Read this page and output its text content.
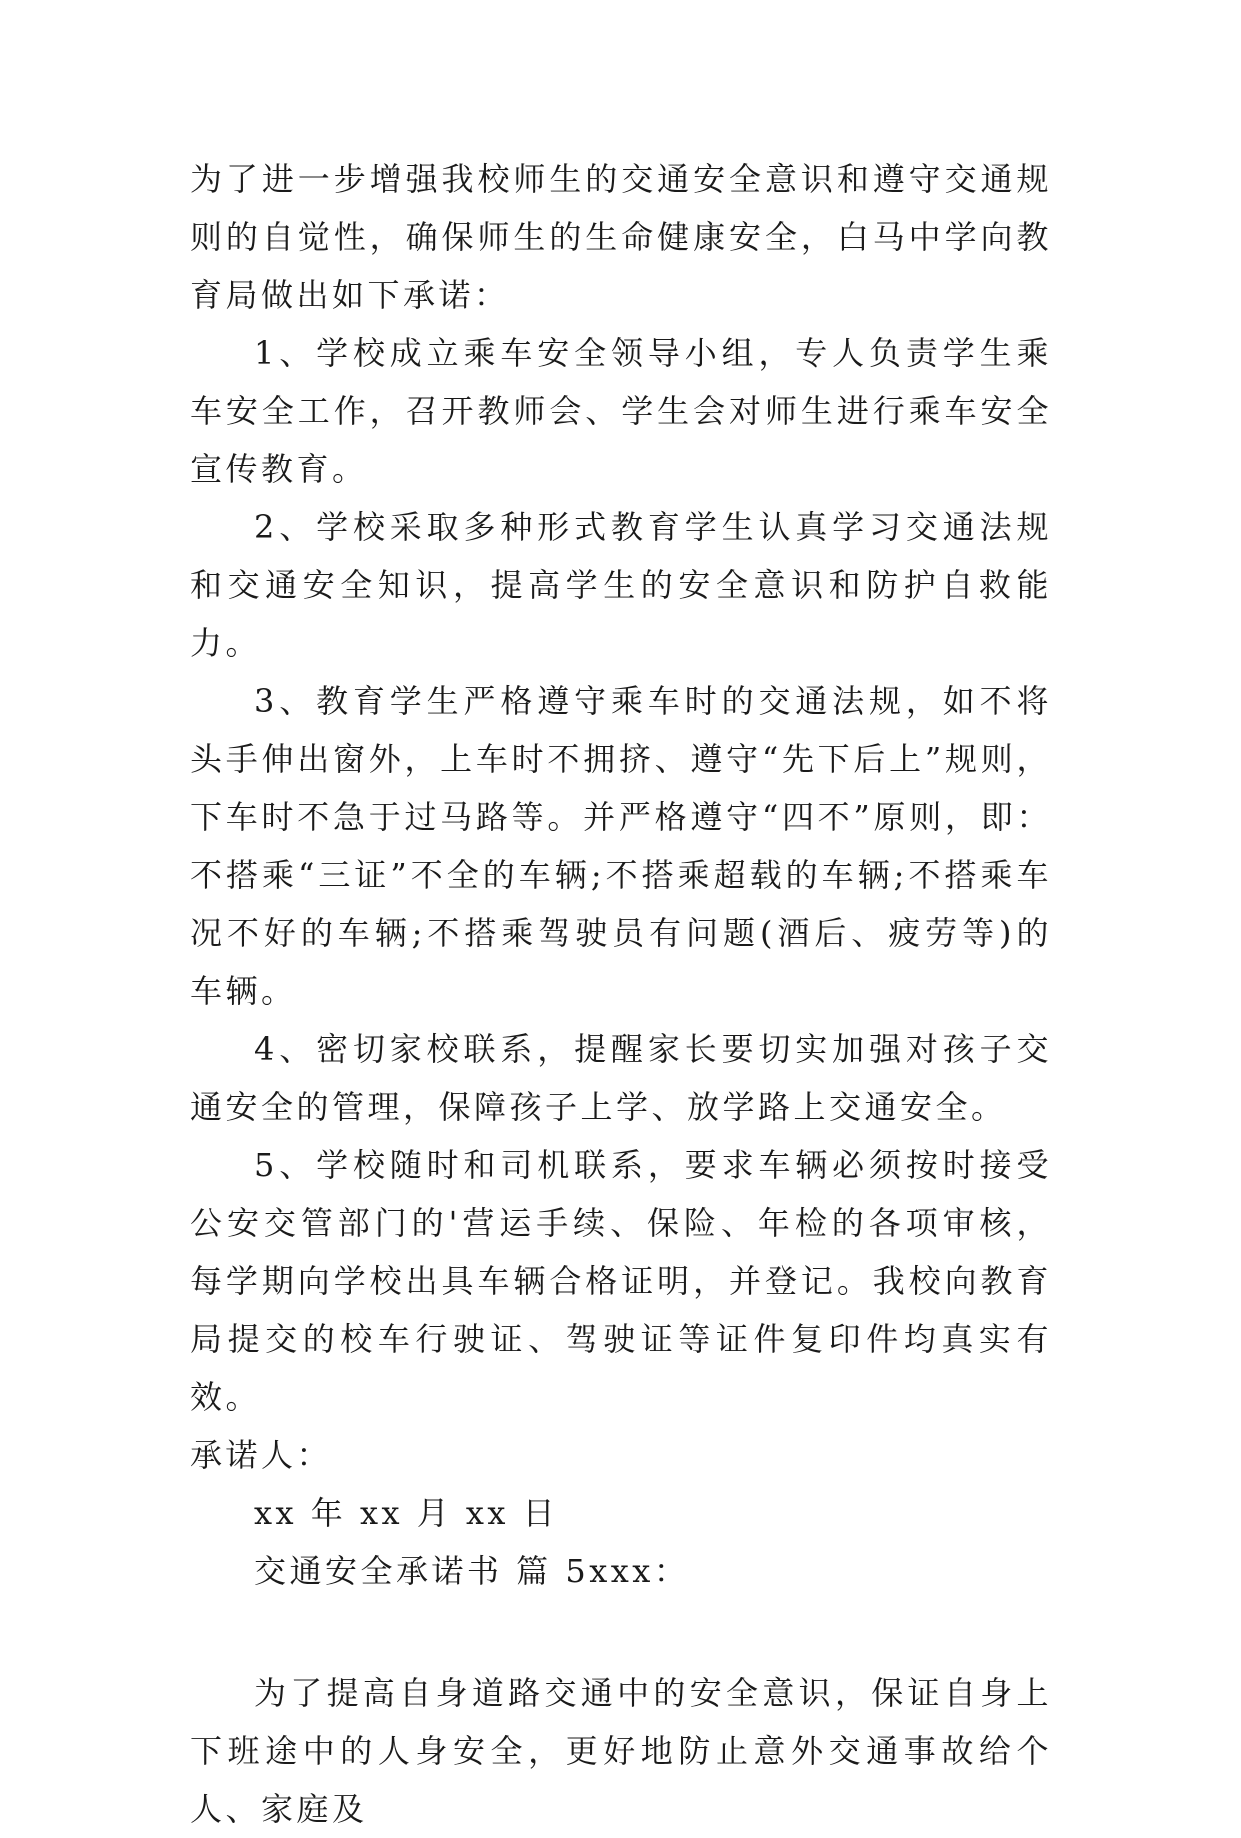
为了进一步增强我校师生的交通安全意识和遵守交通规则的自觉性，确保师生的生命健康安全，白马中学向教育局做出如下承诺：

1、学校成立乘车安全领导小组，专人负责学生乘车安全工作，召开教师会、学生会对师生进行乘车安全宣传教育。

2、学校采取多种形式教育学生认真学习交通法规和交通安全知识，提高学生的安全意识和防护自救能力。

3、教育学生严格遵守乘车时的交通法规，如不将头手伸出窗外，上车时不拥挤、遵守“先下后上”规则，下车时不急于过马路等。并严格遵守“四不”原则，即：不搭乘“三证”不全的车辆;不搭乘超载的车辆;不搭乘车况不好的车辆;不搭乘驾驶员有问题(酒后、疲劳等)的车辆。

4、密切家校联系，提醒家长要切实加强对孩子交通安全的管理，保障孩子上学、放学路上交通安全。

5、学校随时和司机联系，要求车辆必须按时接受公安交管部门的'营运手续、保险、年检的各项审核，每学期向学校出具车辆合格证明，并登记。我校向教育局提交的校车行驶证、驾驶证等证件复印件均真实有效。

承诺人：

xx 年 xx 月 xx 日

交通安全承诺书 篇 5xxx：

为了提高自身道路交通中的安全意识，保证自身上下班途中的人身安全，更好地防止意外交通事故给个人、家庭及
